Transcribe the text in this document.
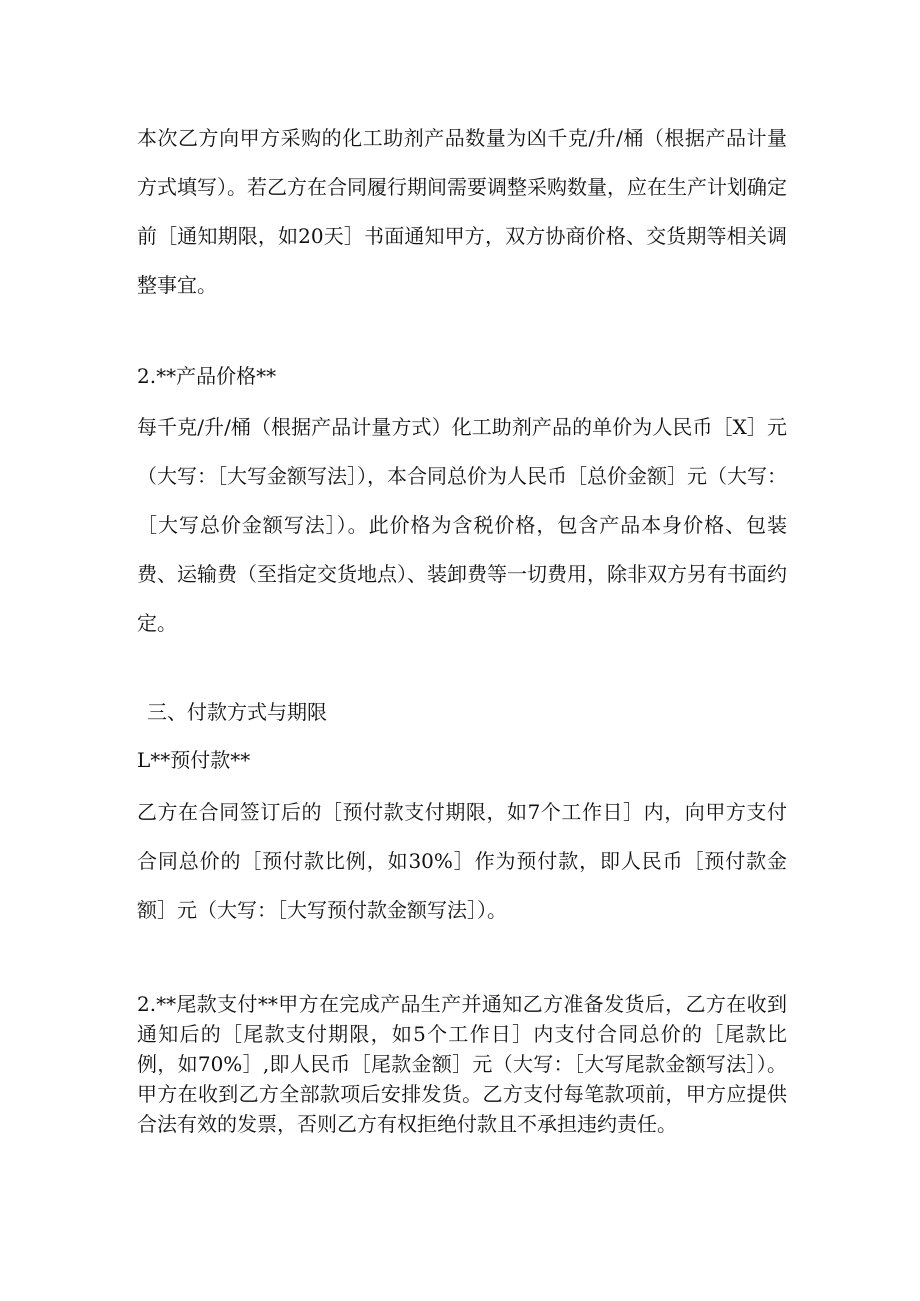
本次乙方向甲方采购的化工助剂产品数量为凶千克/升/桶（根据产品计量方式填写）。若乙方在合同履行期间需要调整采购数量，应在生产计划确定前［通知期限，如20天］书面通知甲方，双方协商价格、交货期等相关调整事宜。

2.**产品价格**

每千克/升/桶（根据产品计量方式）化工助剂产品的单价为人民币［X］元（大写：［大写金额写法］），本合同总价为人民币［总价金额］元（大写：［大写总价金额写法］）。此价格为含税价格，包含产品本身价格、包装费、运输费（至指定交货地点）、装卸费等一切费用，除非双方另有书面约定。

三、付款方式与期限

L**预付款**

乙方在合同签订后的［预付款支付期限，如7个工作日］内，向甲方支付合同总价的［预付款比例，如30%］作为预付款，即人民币［预付款金额］元（大写：［大写预付款金额写法］）。

2.**尾款支付**甲方在完成产品生产并通知乙方准备发货后，乙方在收到通知后的［尾款支付期限，如5个工作日］内支付合同总价的［尾款比例，如70%］,即人民币［尾款金额］元（大写：［大写尾款金额写法］）。甲方在收到乙方全部款项后安排发货。乙方支付每笔款项前，甲方应提供合法有效的发票，否则乙方有权拒绝付款且不承担违约责任。
